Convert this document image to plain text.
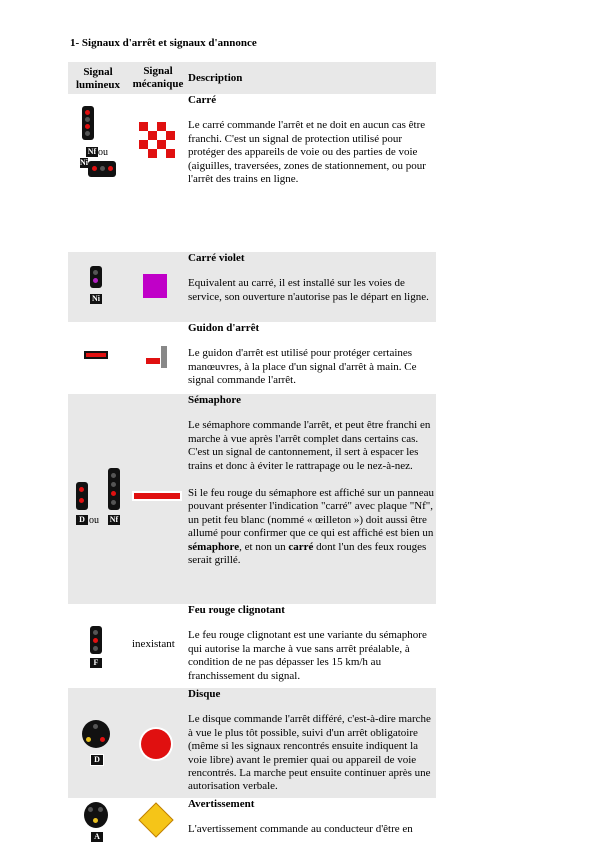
1- Signaux d'arrêt et signaux d'annonce
Signal lumineux
Signal mécanique Description
Nf ou
Ni
Carré

Le carré commande l'arrêt et ne doit en aucun cas être franchi. C'est un signal de protection utilisé pour protéger des appareils de voie ou des parties de voie (aiguilles, traversées, zones de stationnement, ou pour l'arrêt des trains en ligne.

Ni
Carré violet

Equivalent au carré, il est installé sur les voies de service, son ouverture n'autorise pas le départ en ligne.

Guidon d'arrêt

Le guidon d'arrêt est utilisé pour protéger certaines manœuvres, à la place d'un signal d'arrêt à main. Ce signal commande l'arrêt.

D ou Nf
Sémaphore

Le sémaphore commande l'arrêt, et peut être franchi en marche à vue après l'arrêt complet dans certains cas. C'est un signal de cantonnement, il sert à espacer les trains et donc à éviter le rattrapage ou le nez-à-nez.

Si le feu rouge du sémaphore est affiché sur un panneau pouvant présenter l'indication "carré" avec plaque "Nf", un petit feu blanc (nommé « œilleton ») doit aussi être allumé pour confirmer que ce qui est affiché est bien un sémaphore, et non un carré dont l'un des feux rouges serait grillé.

F
inexistant
Feu rouge clignotant

Le feu rouge clignotant est une variante du sémaphore qui autorise la marche à vue sans arrêt préalable, à condition de ne pas dépasser les 15 km/h au franchissement du signal.

D
Disque

Le disque commande l'arrêt différé, c'est-à-dire marche à vue le plus tôt possible, suivi d'un arrêt obligatoire (même si les signaux rencontrés ensuite indiquent la voie libre) avant le premier quai ou appareil de voie rencontrés. La marche peut ensuite continuer après une autorisation verbale.

A
Avertissement

L'avertissement commande au conducteur d'être en
